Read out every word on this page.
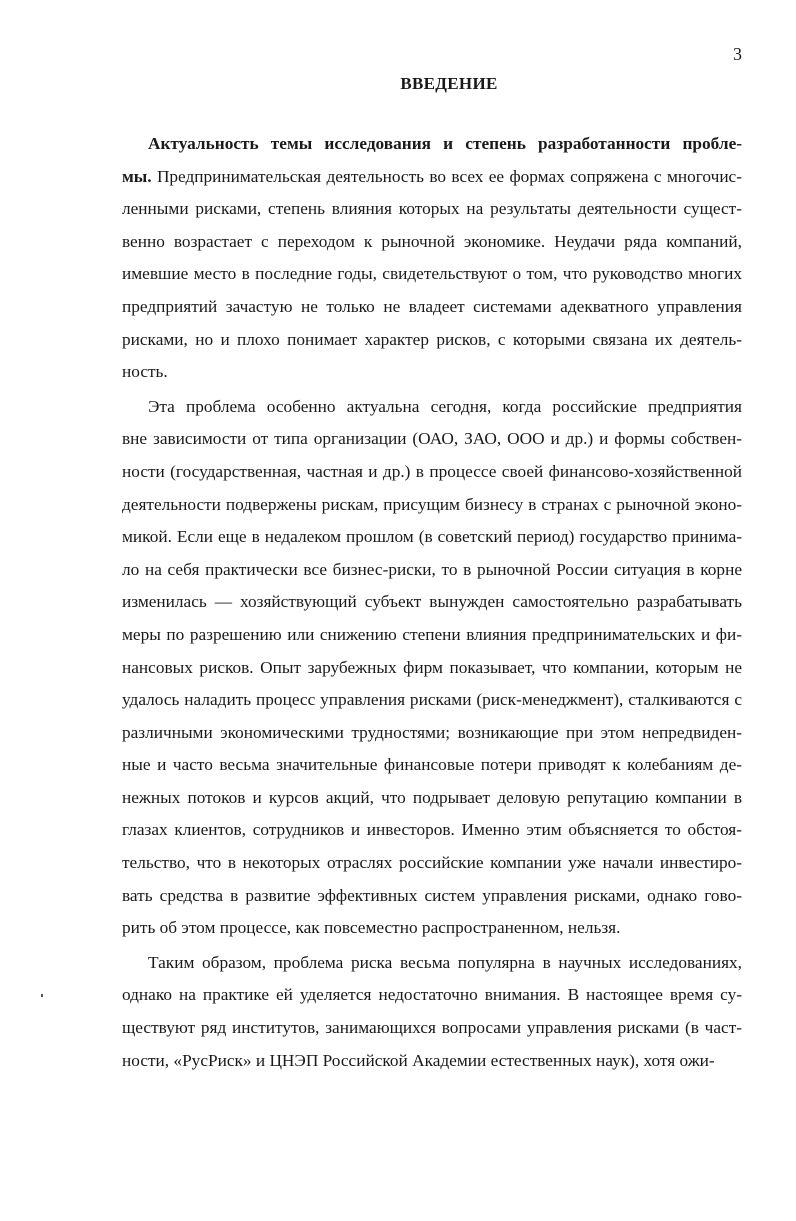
3
ВВЕДЕНИЕ
Актуальность темы исследования и степень разработанности пробле-
мы. Предпринимательская деятельность во всех ее формах сопряжена с многочис-
ленными рисками, степень влияния которых на результаты деятельности сущест-
венно возрастает с переходом к рыночной экономике. Неудачи ряда компаний,
имевшие место в последние годы, свидетельствуют о том, что руководство многих
предприятий зачастую не только не владеет системами адекватного управления
рисками, но и плохо понимает характер рисков, с которыми связана их деятель-
ность.
Эта проблема особенно актуальна сегодня, когда российские предприятия
вне зависимости от типа организации (ОАО, ЗАО, ООО и др.) и формы собствен-
ности (государственная, частная и др.) в процессе своей финансово-хозяйственной
деятельности подвержены рискам, присущим бизнесу в странах с рыночной эконо-
микой. Если еще в недалеком прошлом (в советский период) государство принима-
ло на себя практически все бизнес-риски, то в рыночной России ситуация в корне
изменилась — хозяйствующий субъект вынужден самостоятельно разрабатывать
меры по разрешению или снижению степени влияния предпринимательских и фи-
нансовых рисков. Опыт зарубежных фирм показывает, что компании, которым не
удалось наладить процесс управления рисками (риск-менеджмент), сталкиваются с
различными экономическими трудностями; возникающие при этом непредвиден-
ные и часто весьма значительные финансовые потери приводят к колебаниям де-
нежных потоков и курсов акций, что подрывает деловую репутацию компании в
глазах клиентов, сотрудников и инвесторов. Именно этим объясняется то обстоя-
тельство, что в некоторых отраслях российские компании уже начали инвестиро-
вать средства в развитие эффективных систем управления рисками, однако гово-
рить об этом процессе, как повсеместно распространенном, нельзя.
Таким образом, проблема риска весьма популярна в научных исследованиях,
однако на практике ей уделяется недостаточно внимания. В настоящее время су-
ществуют ряд институтов, занимающихся вопросами управления рисками (в част-
ности, «РусРиск» и ЦНЭП Российской Академии естественных наук), хотя ожи-
